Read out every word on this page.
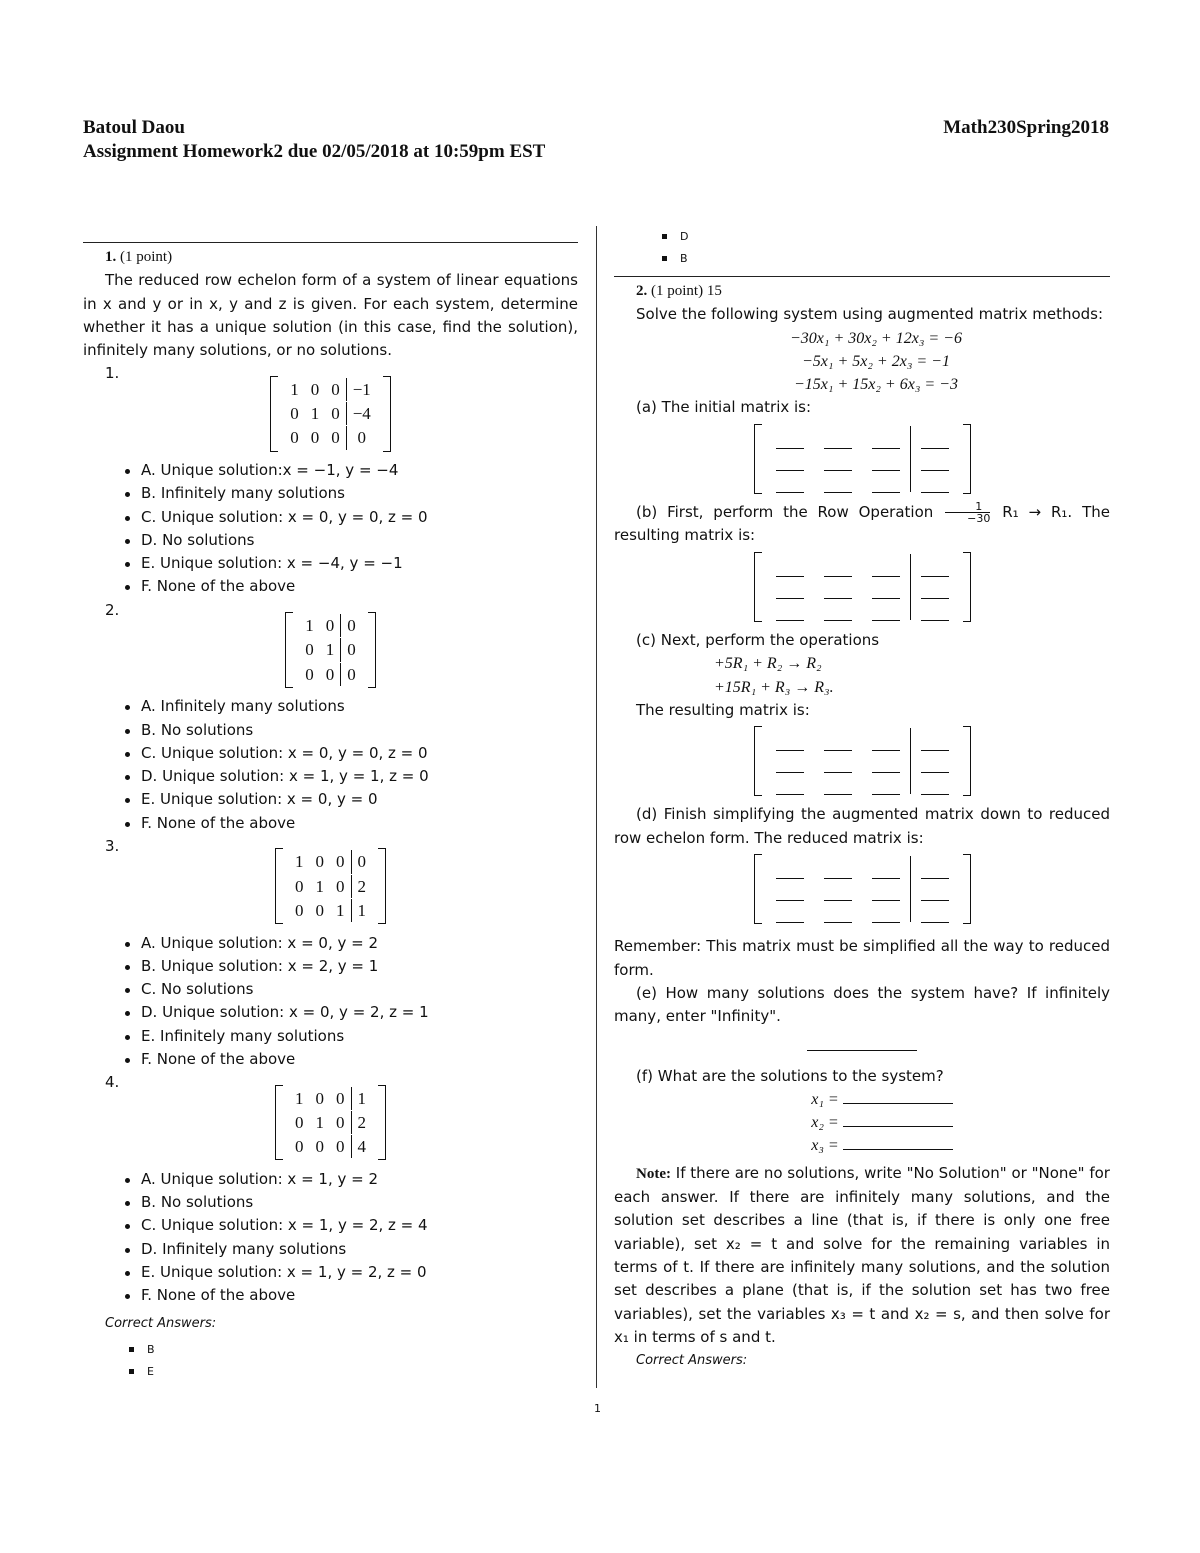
Batoul Daou	Math230Spring2018
Assignment Homework2 due 02/05/2018 at 10:59pm EST
1. (1 point)
The reduced row echelon form of a system of linear equations in x and y or in x, y and z is given. For each system, determine whether it has a unique solution (in this case, find the solution), infinitely many solutions, or no solutions.
1.
1 0 0 −1
0 1 0 −4
0 0 0	0
A. Unique solution:x = −1, y = −4
B. Infinitely many solutions
C. Unique solution: x = 0, y = 0, z = 0
D. No solutions
E. Unique solution: x = −4, y = −1
F. None of the above
2.
1 0 0
0 1 0
0 0 0
A. Infinitely many solutions
B. No solutions
C. Unique solution: x = 0, y = 0, z = 0
D. Unique solution: x = 1, y = 1, z = 0
E. Unique solution: x = 0, y = 0
F. None of the above
3.
1 0 0 0
0 1 0 2
0 0 1 1
A. Unique solution: x = 0, y = 2
B. Unique solution: x = 2, y = 1
C. No solutions
D. Unique solution: x = 0, y = 2, z = 1
E. Infinitely many solutions
F. None of the above
4.
1 0 0 1
0 1 0 2
0 0 0 4
A. Unique solution: x = 1, y = 2
B. No solutions
C. Unique solution: x = 1, y = 2, z = 4
D. Infinitely many solutions
E. Unique solution: x = 1, y = 2, z = 0
F. None of the above
Correct Answers:
B
E
D
B
2. (1 point) 15
Solve the following system using augmented matrix methods:
−30x₁ + 30x₂ + 12x₃ = −6
−5x₁ + 5x₂ + 2x₃ = −1
−15x₁ + 15x₂ + 6x₃ = −3
(a) The initial matrix is:
(b) First, perform the Row Operation $\frac{1}{-30} R_1 \to R_1$. The resulting matrix is:
(c) Next, perform the operations
+5R₁ + R₂ → R₂
+15R₁ + R₃ → R₃.
The resulting matrix is:
(d) Finish simplifying the augmented matrix down to reduced row echelon form. The reduced matrix is:
Remember: This matrix must be simplified all the way to reduced form.
(e) How many solutions does the system have? If infinitely many, enter "Infinity".
(f) What are the solutions to the system?
x₁ =
x₂ =
x₃ =
Note: If there are no solutions, write "No Solution" or "None" for each answer. If there are infinitely many solutions, and the solution set describes a line (that is, if there is only one free variable), set x₂ = t and solve for the remaining variables in terms of t. If there are infinitely many solutions, and the solution set describes a plane (that is, if the solution set has two free variables), set the variables x₃ = t and x₂ = s, and then solve for x₁ in terms of s and t.
Correct Answers:
1
